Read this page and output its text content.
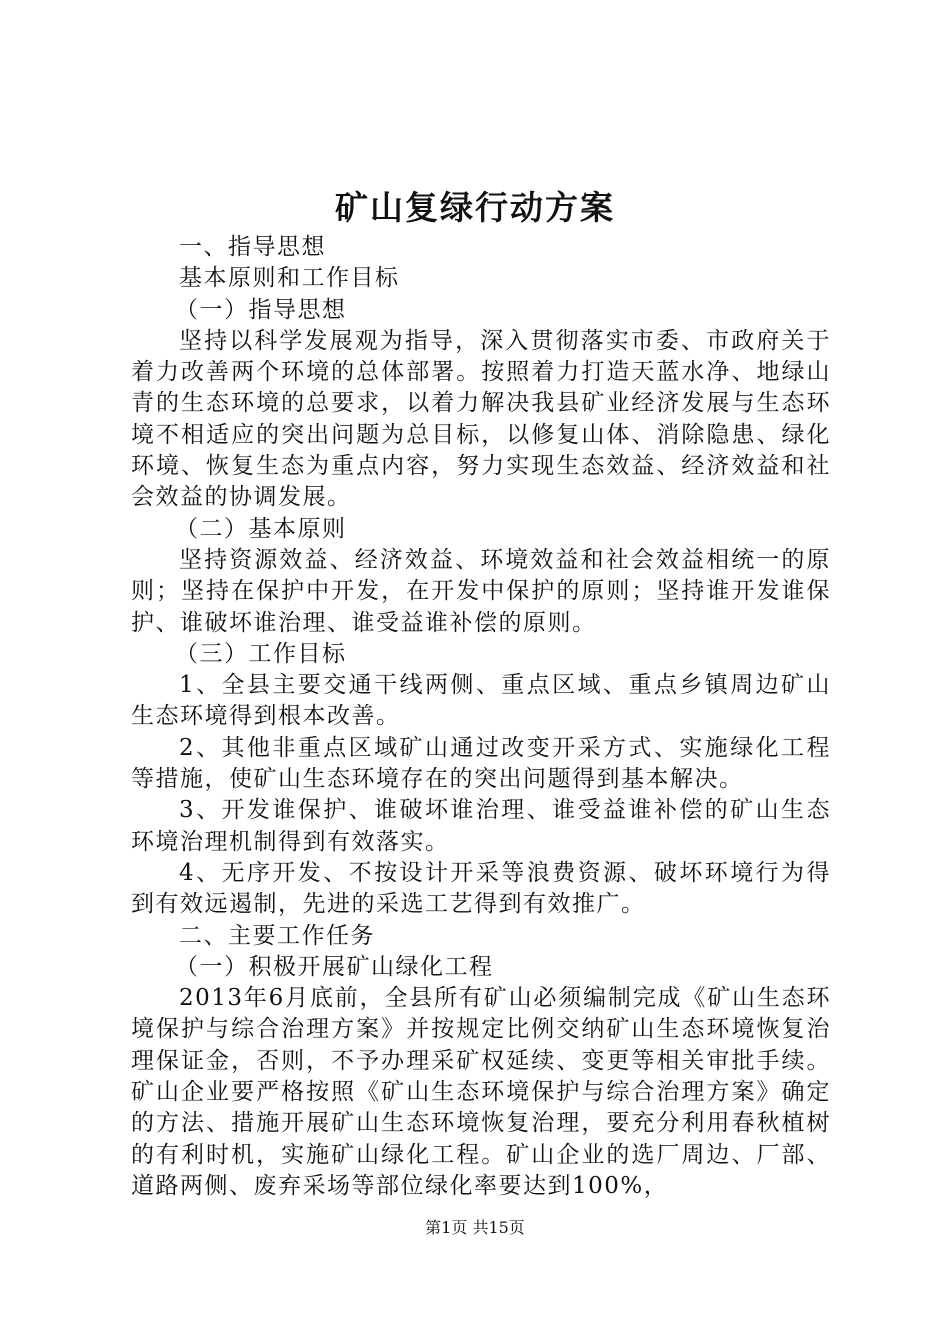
矿山复绿行动方案

一、指导思想

基本原则和工作目标

（一）指导思想

坚持以科学发展观为指导，深入贯彻落实市委、市政府关于着力改善两个环境的总体部署。按照着力打造天蓝水净、地绿山青的生态环境的总要求，以着力解决我县矿业经济发展与生态环境不相适应的突出问题为总目标，以修复山体、消除隐患、绿化环境、恢复生态为重点内容，努力实现生态效益、经济效益和社会效益的协调发展。

（二）基本原则

坚持资源效益、经济效益、环境效益和社会效益相统一的原则；坚持在保护中开发，在开发中保护的原则；坚持谁开发谁保护、谁破坏谁治理、谁受益谁补偿的原则。

（三）工作目标

1、全县主要交通干线两侧、重点区域、重点乡镇周边矿山生态环境得到根本改善。

2、其他非重点区域矿山通过改变开采方式、实施绿化工程等措施，使矿山生态环境存在的突出问题得到基本解决。

3、开发谁保护、谁破坏谁治理、谁受益谁补偿的矿山生态环境治理机制得到有效落实。

4、无序开发、不按设计开采等浪费资源、破坏环境行为得到有效远遏制，先进的采选工艺得到有效推广。

二、主要工作任务

（一）积极开展矿山绿化工程

2013年6月底前，全县所有矿山必须编制完成《矿山生态环境保护与综合治理方案》并按规定比例交纳矿山生态环境恢复治理保证金，否则，不予办理采矿权延续、变更等相关审批手续。矿山企业要严格按照《矿山生态环境保护与综合治理方案》确定的方法、措施开展矿山生态环境恢复治理，要充分利用春秋植树的有利时机，实施矿山绿化工程。矿山企业的选厂周边、厂部、道路两侧、废弃采场等部位绿化率要达到100%，

第1页 共15页
